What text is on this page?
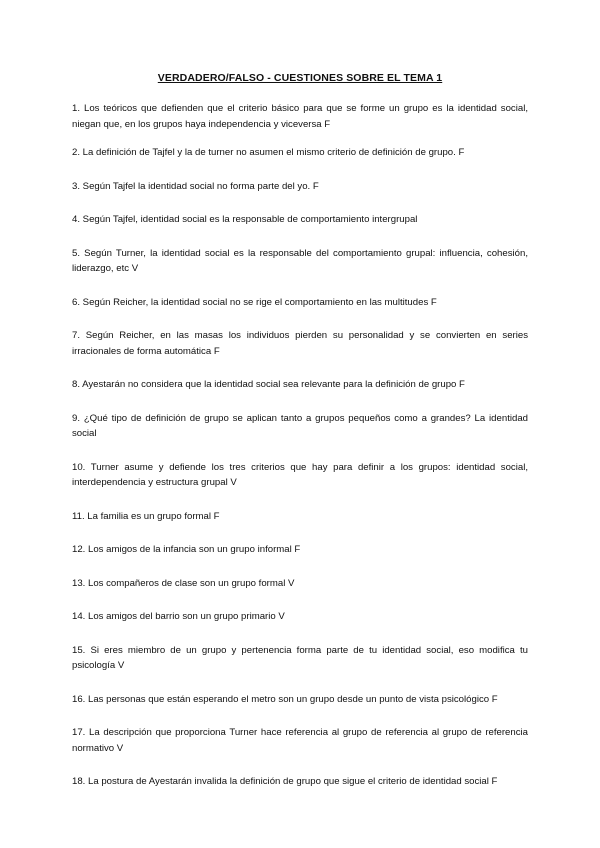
VERDADERO/FALSO - CUESTIONES SOBRE EL TEMA 1

1. Los teóricos que defienden que el criterio básico para que se forme un grupo es la identidad social, niegan que, en los grupos haya independencia y viceversa F

2. La definición de Tajfel y la de turner no asumen el mismo criterio de definición de grupo. F

3. Según Tajfel la identidad social no forma parte del yo. F

4. Según Tajfel, identidad social es la responsable de comportamiento intergrupal

5. Según Turner, la identidad social es la responsable del comportamiento grupal: influencia, cohesión, liderazgo, etc V

6. Según Reicher, la identidad social no se rige el comportamiento en las multitudes F

7. Según Reicher, en las masas los individuos pierden su personalidad y se convierten en series irracionales de forma automática F

8. Ayestarán no considera que la identidad social sea relevante para la definición de grupo F

9. ¿Qué tipo de definición de grupo se aplican tanto a grupos pequeños como a grandes? La identidad social

10. Turner asume y defiende los tres criterios que hay para definir a los grupos: identidad social, interdependencia y estructura grupal V

11. La familia es un grupo formal F

12. Los amigos de la infancia son un grupo informal F

13. Los compañeros de clase son un grupo formal V

14. Los amigos del barrio son un grupo primario V

15. Si eres miembro de un grupo y pertenencia forma parte de tu identidad social, eso modifica tu psicología V

16. Las personas que están esperando el metro son un grupo desde un punto de vista psicológico F

17. La descripción que proporciona Turner hace referencia al grupo de referencia al grupo de referencia normativo V

18. La postura de Ayestarán invalida la definición de grupo que sigue el criterio de identidad social F
